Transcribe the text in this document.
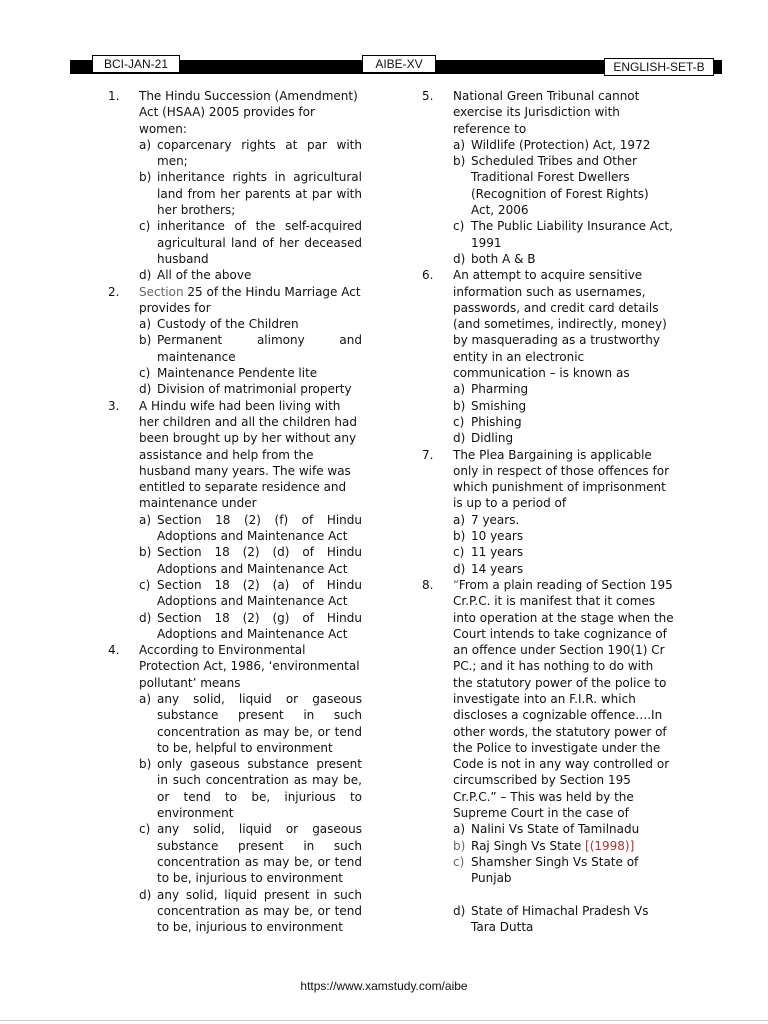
BCI-JAN-21	AIBE-XV	ENGLISH-SET-B
1.	The Hindu Succession (Amendment) Act (HSAA) 2005 provides for women:
a) coparcenary rights at par with men;
b) inheritance rights in agricultural land from her parents at par with her brothers;
c) inheritance of the self-acquired agricultural land of her deceased husband
d) All of the above
2.	Section 25 of the Hindu Marriage Act provides for
a) Custody of the Children
b) Permanent alimony and maintenance
c) Maintenance Pendente lite
d) Division of matrimonial property
3.	A Hindu wife had been living with her children and all the children had been brought up by her without any assistance and help from the husband many years. The wife was entitled to separate residence and maintenance under
a) Section 18 (2) (f) of Hindu Adoptions and Maintenance Act
b) Section 18 (2) (d) of Hindu Adoptions and Maintenance Act
c) Section 18 (2) (a) of Hindu Adoptions and Maintenance Act
d) Section 18 (2) (g) of Hindu Adoptions and Maintenance Act
4.	According to Environmental Protection Act, 1986, ‘environmental pollutant’ means
a) any solid, liquid or gaseous substance present in such concentration as may be, or tend to be, helpful to environment
b) only gaseous substance present in such concentration as may be, or tend to be, injurious to environment
c) any solid, liquid or gaseous substance present in such concentration as may be, or tend to be, injurious to environment
d) any solid, liquid present in such concentration as may be, or tend to be, injurious to environment
5.	National Green Tribunal cannot exercise its Jurisdiction with reference to
a) Wildlife (Protection) Act, 1972
b) Scheduled Tribes and Other Traditional Forest Dwellers (Recognition of Forest Rights) Act, 2006
c) The Public Liability Insurance Act, 1991
d) both A & B
6.	An attempt to acquire sensitive information such as usernames, passwords, and credit card details (and sometimes, indirectly, money) by masquerading as a trustworthy entity in an electronic communication – is known as
a) Pharming
b) Smishing
c) Phishing
d) Didling
7.	The Plea Bargaining is applicable only in respect of those offences for which punishment of imprisonment is up to a period of
a) 7 years.
b) 10 years
c) 11 years
d) 14 years
8.	“From a plain reading of Section 195 Cr.P.C. it is manifest that it comes into operation at the stage when the Court intends to take cognizance of an offence under Section 190(1) Cr PC.; and it has nothing to do with the statutory power of the police to investigate into an F.I.R. which discloses a cognizable offence….In other words, the statutory power of the Police to investigate under the Code is not in any way controlled or circumscribed by Section 195 Cr.P.C.” – This was held by the Supreme Court in the case of
a) Nalini Vs State of Tamilnadu
b) Raj Singh Vs State [(1998)]
c) Shamsher Singh Vs State of Punjab
d) State of Himachal Pradesh Vs Tara Dutta
https://www.xamstudy.com/aibe
